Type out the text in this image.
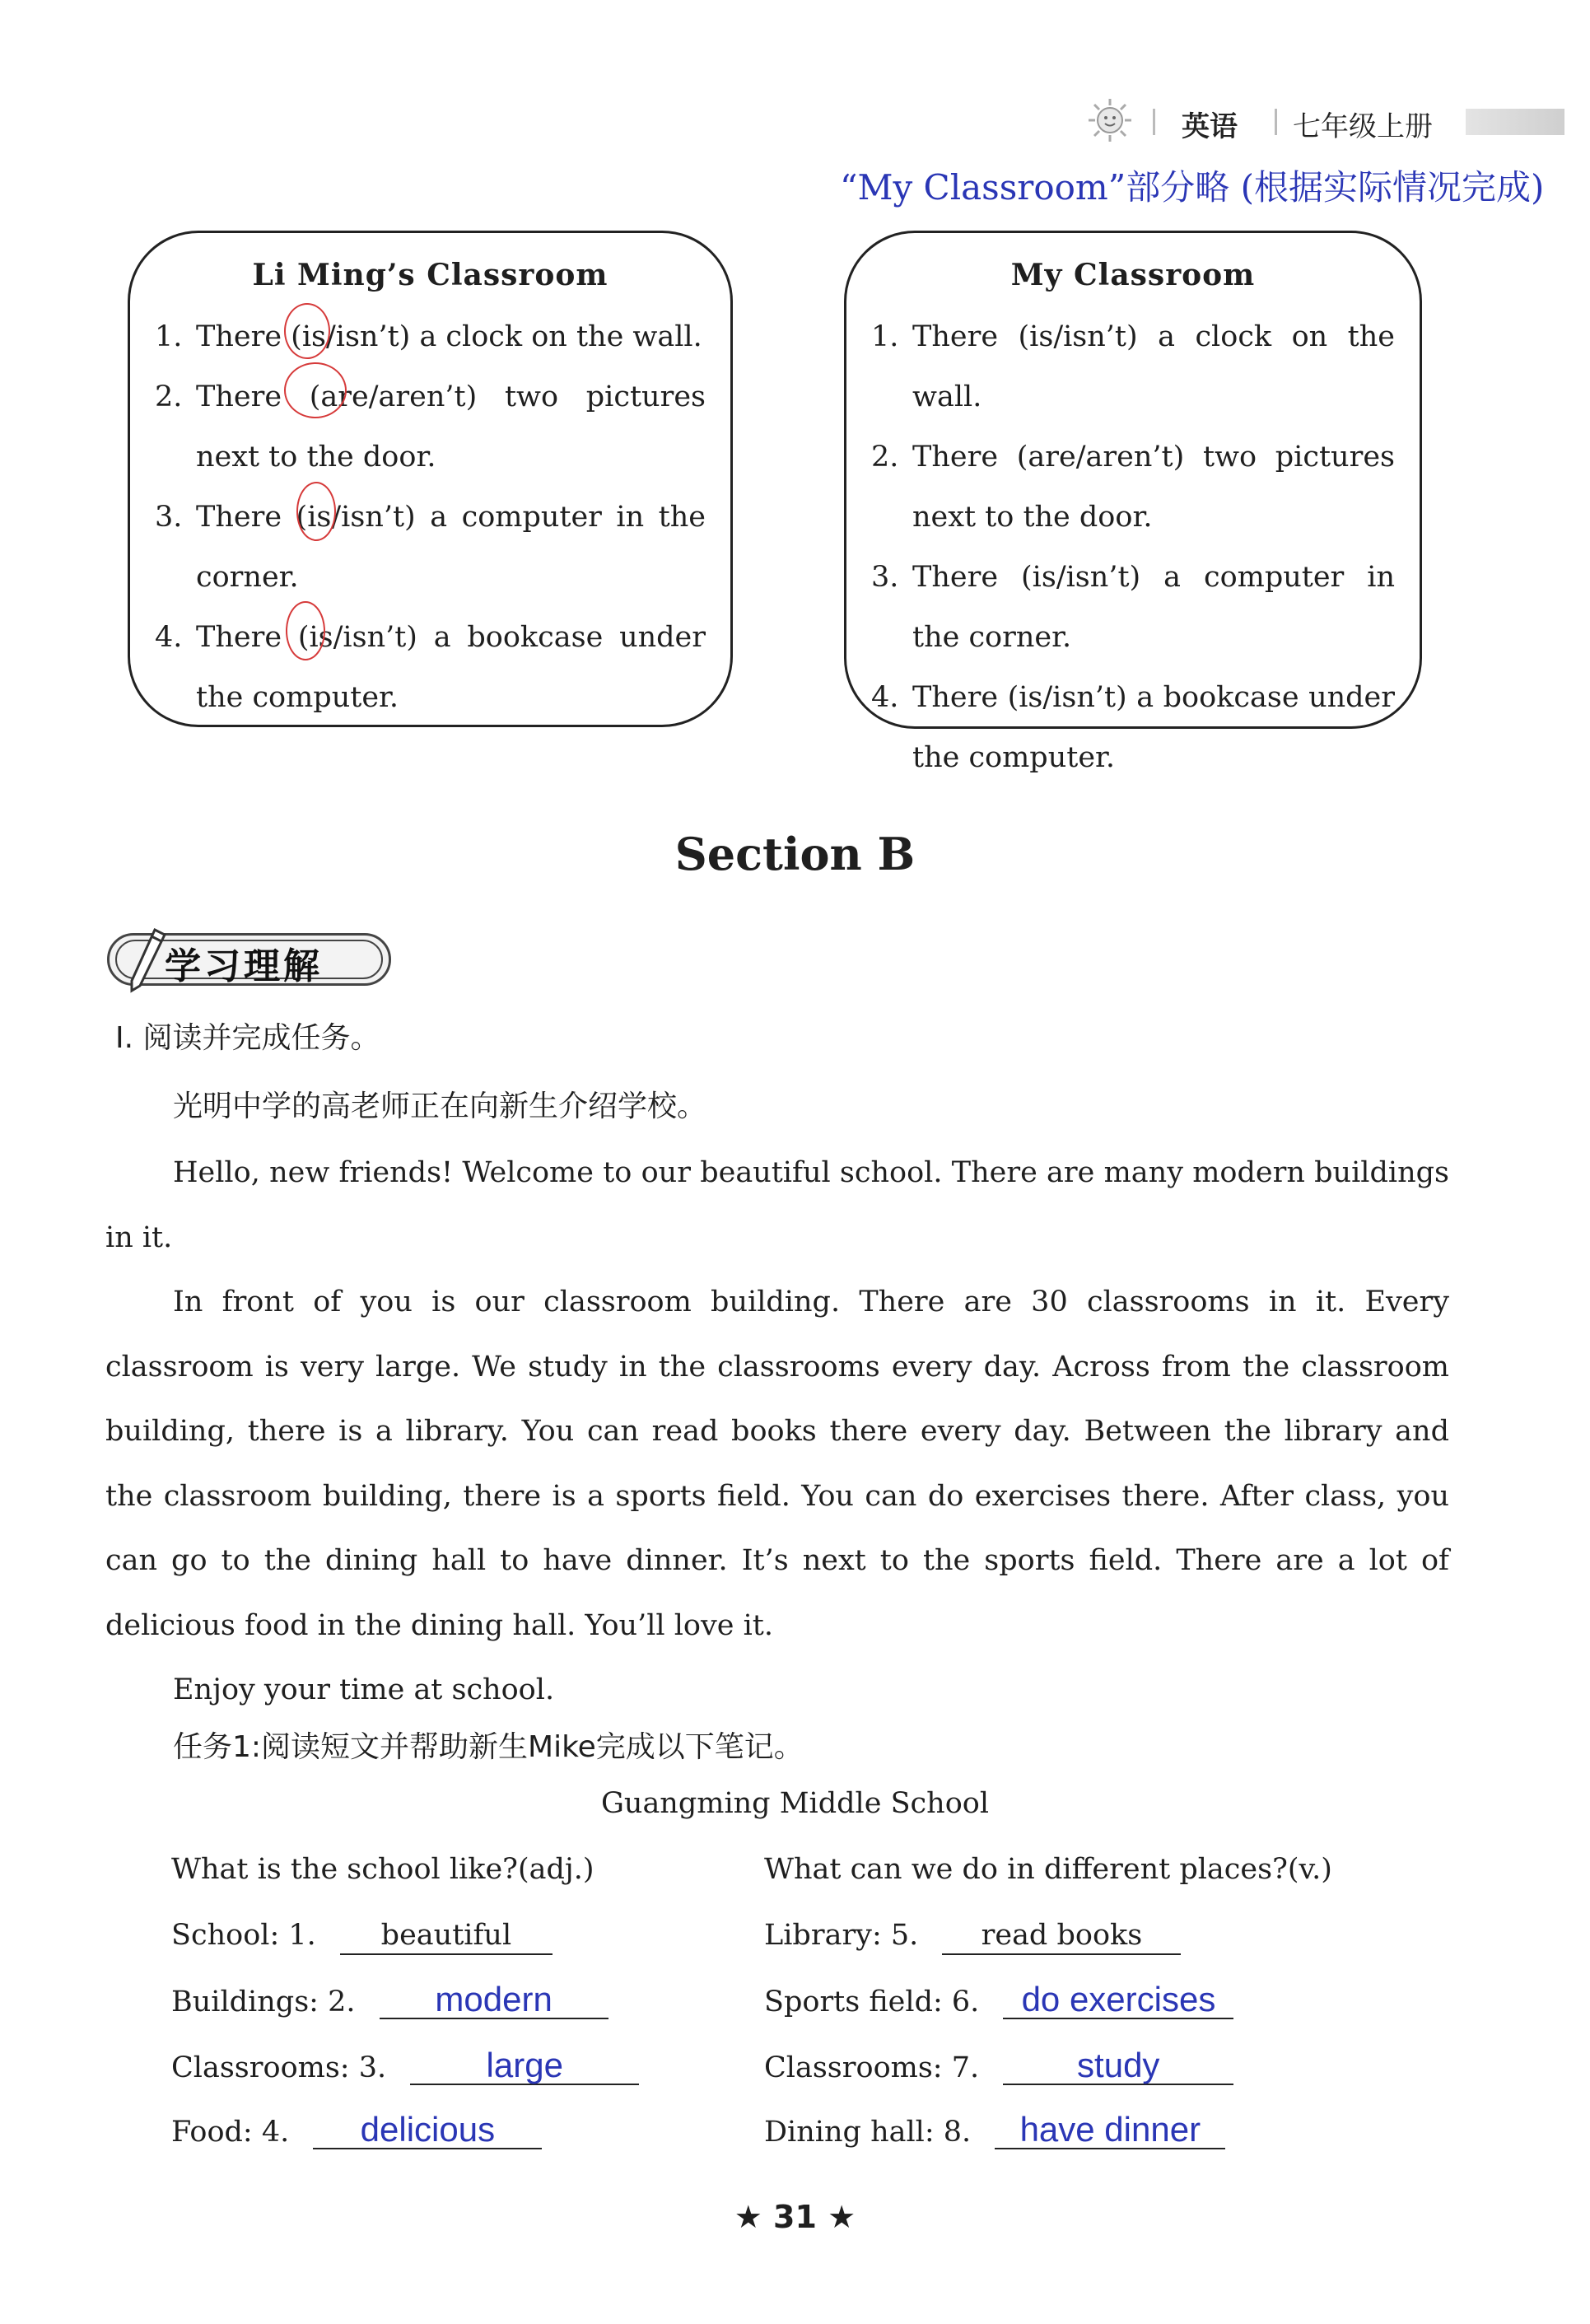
英语 七年级上册
“My Classroom”部分略 (根据实际情况完成)
Li Ming’s Classroom
1. There (is/isn’t) a clock on the wall.
2. There (are/aren’t) two pictures next to the door.
3. There (is/isn’t) a computer in the corner.
4. There (is/isn’t) a bookcase under the computer.
My Classroom
1. There (is/isn’t) a clock on the wall.
2. There (are/aren’t) two pictures next to the door.
3. There (is/isn’t) a computer in the corner.
4. There (is/isn’t) a bookcase under the computer.
Section B
学习理解
Ⅰ. 阅读并完成任务。
光明中学的高老师正在向新生介绍学校。

Hello, new friends! Welcome to our beautiful school. There are many modern buildings in it.

In front of you is our classroom building. There are 30 classrooms in it. Every classroom is very large. We study in the classrooms every day. Across from the classroom building, there is a library. You can read books there every day. Between the library and the classroom building, there is a sports field. You can do exercises there. After class, you can go to the dining hall to have dinner. It’s next to the sports field. There are a lot of delicious food in the dining hall. You’ll love it.

Enjoy your time at school.

任务1:阅读短文并帮助新生Mike完成以下笔记。
Guangming Middle School
What is the school like?(adj.)
School: 1. beautiful
Buildings: 2. modern
Classrooms: 3.	large
Food: 4. delicious
What can we do in different places?(v.)
Library: 5. read books
Sports field: 6. do exercises
Classrooms: 7.	study
Dining hall: 8. have dinner
★ 31 ★
